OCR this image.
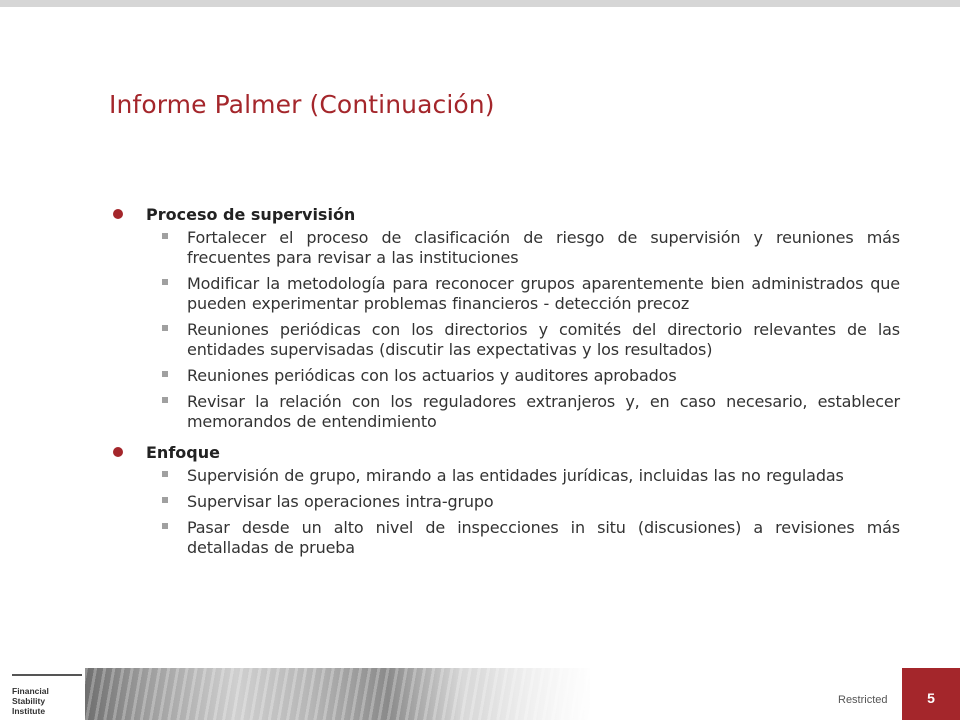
Informe Palmer (Continuación)
Proceso de supervisión
Fortalecer el proceso de clasificación de riesgo de supervisión y reuniones más frecuentes para revisar a las instituciones
Modificar la metodología para reconocer grupos aparentemente bien administrados que pueden experimentar problemas financieros - detección precoz
Reuniones periódicas con los directorios y comités del directorio relevantes de las entidades supervisadas (discutir las expectativas y los resultados)
Reuniones periódicas con los actuarios y auditores aprobados
Revisar la relación con los reguladores extranjeros y, en caso necesario, establecer memorandos de entendimiento
Enfoque
Supervisión de grupo, mirando a las entidades jurídicas, incluidas las no reguladas
Supervisar las operaciones intra-grupo
Pasar desde un alto nivel de inspecciones in situ (discusiones) a revisiones más detalladas de prueba
Financial Stability
Institute
Restricted	5
